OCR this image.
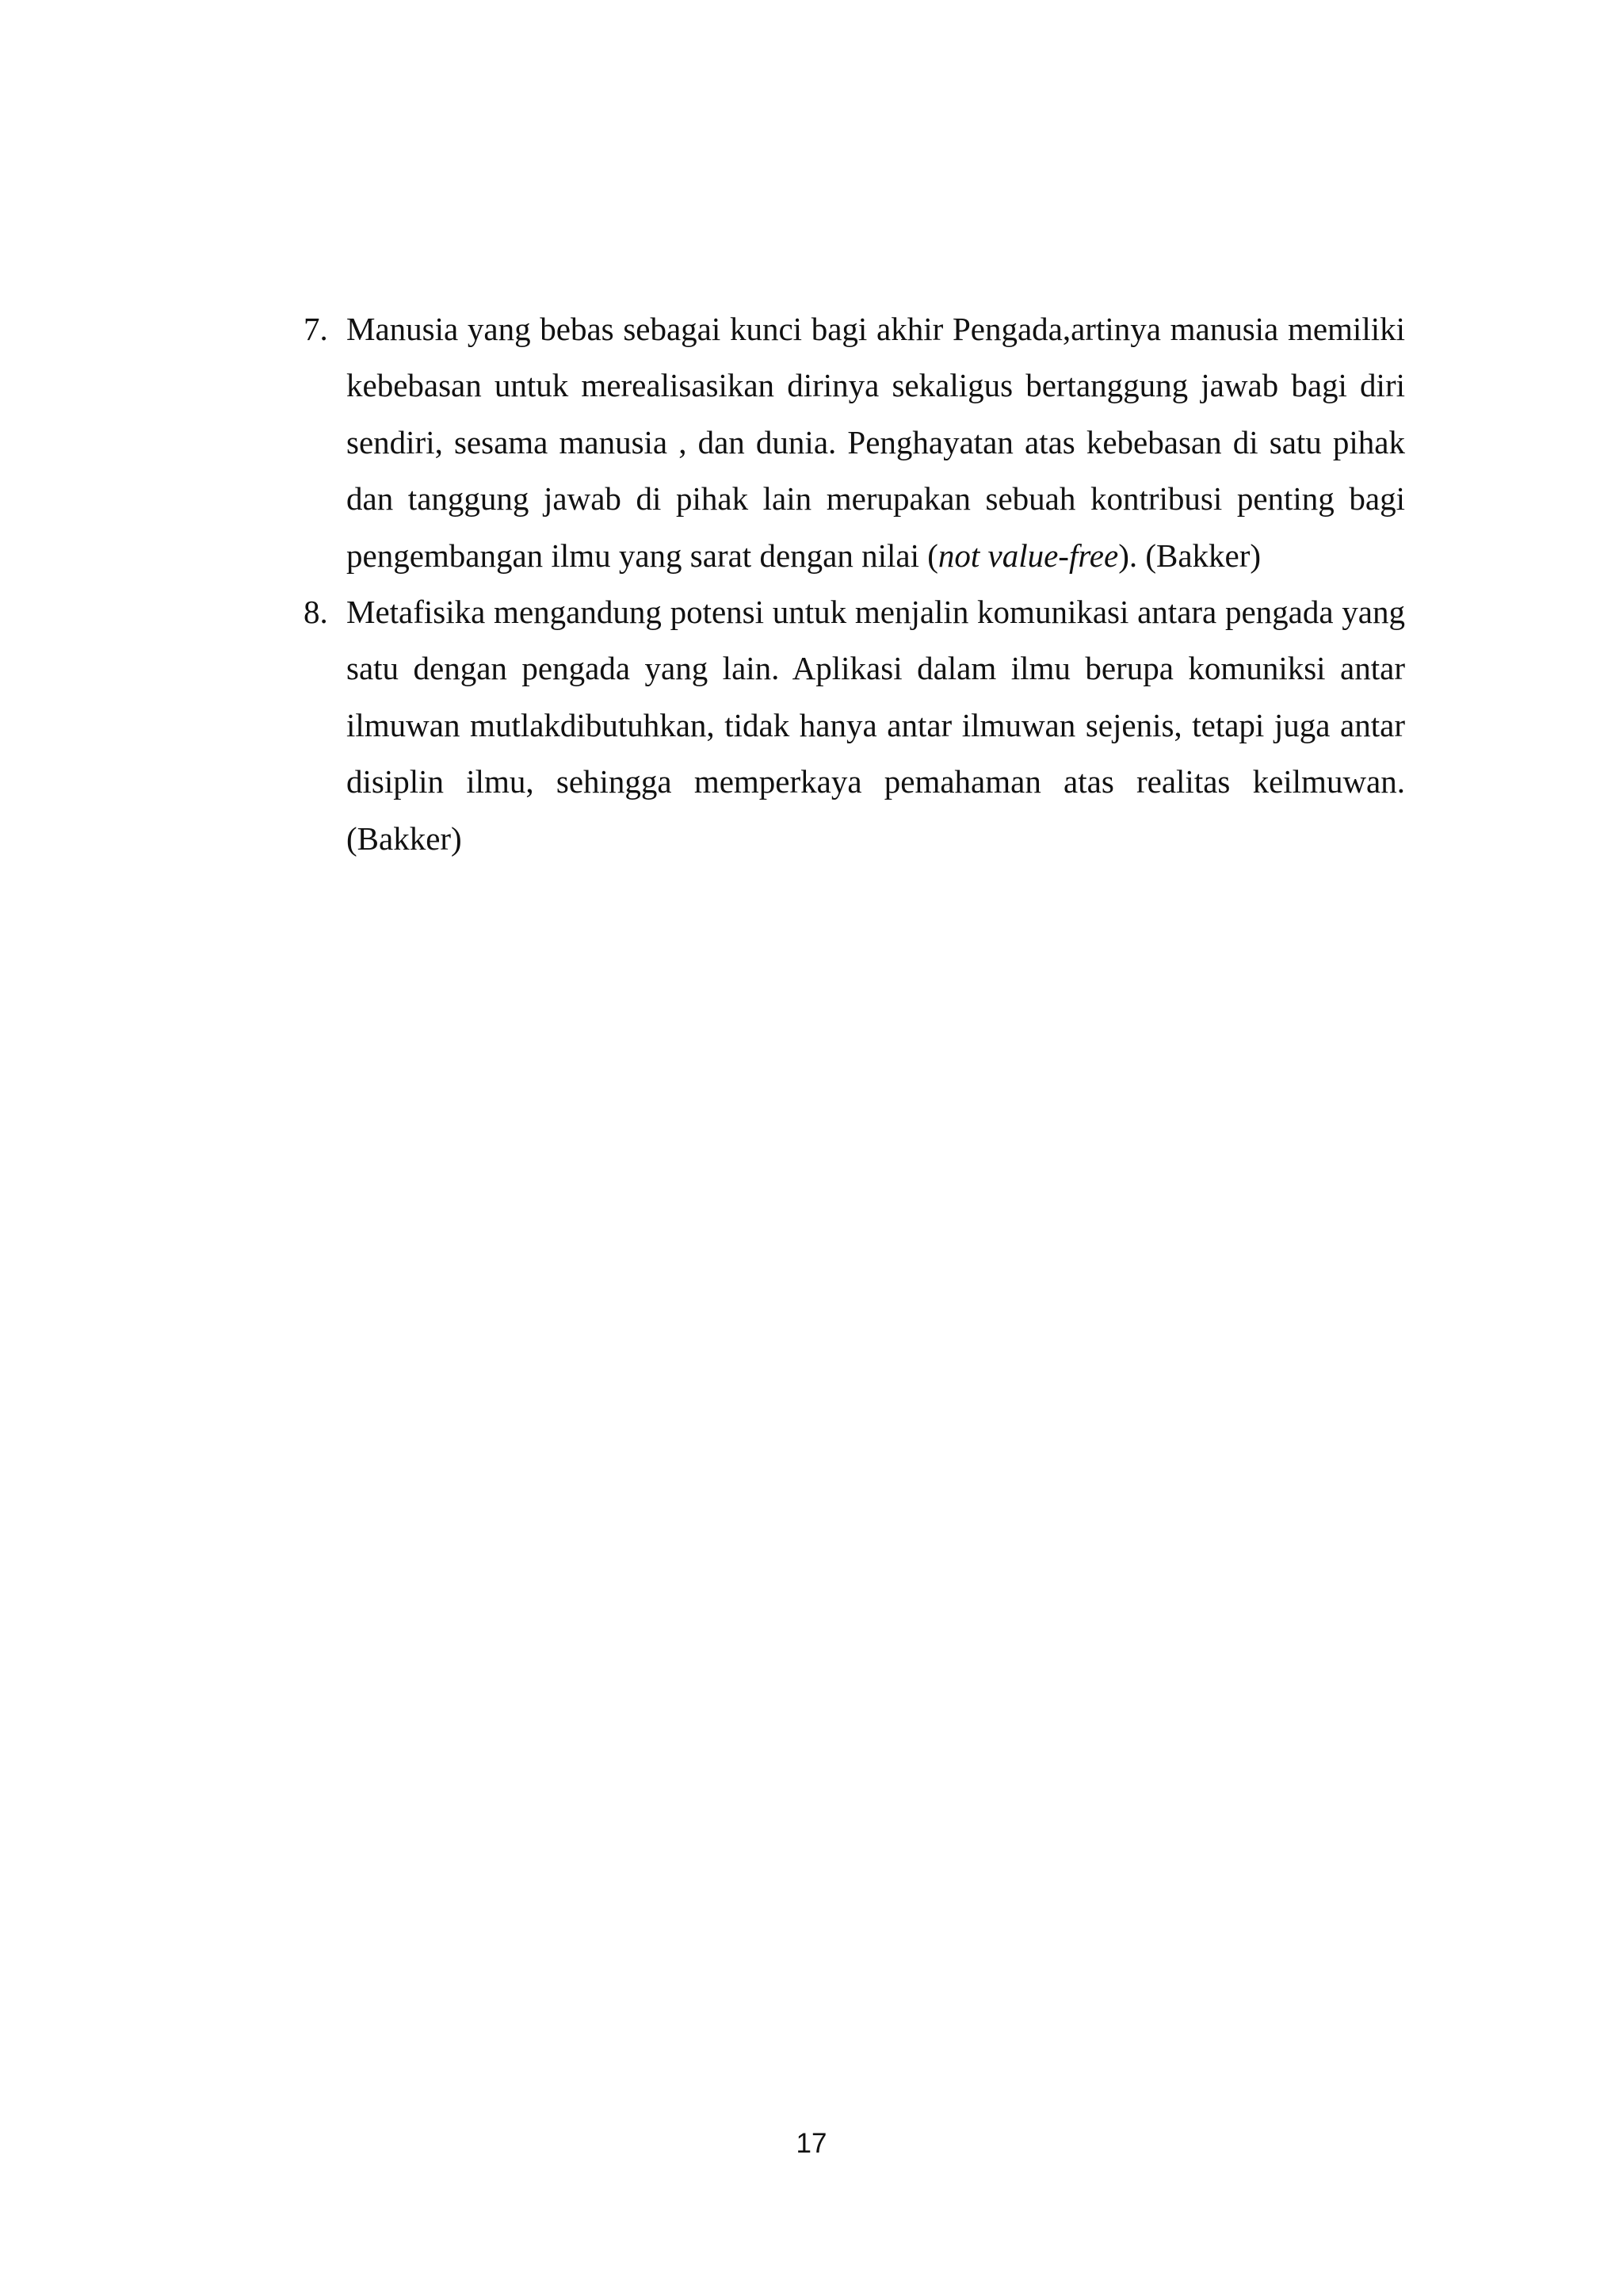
7. Manusia yang bebas sebagai kunci bagi akhir Pengada,artinya manusia memiliki kebebasan untuk merealisasikan dirinya sekaligus bertanggung jawab bagi diri sendiri, sesama manusia , dan dunia. Penghayatan atas kebebasan di satu pihak dan tanggung jawab di pihak lain merupakan sebuah kontribusi penting bagi pengembangan ilmu yang sarat dengan nilai (not value-free). (Bakker)
8. Metafisika mengandung potensi untuk menjalin komunikasi antara pengada yang satu dengan pengada yang lain. Aplikasi dalam ilmu berupa komuniksi antar ilmuwan mutlakdibutuhkan, tidak hanya antar ilmuwan sejenis, tetapi juga antar disiplin ilmu, sehingga memperkaya pemahaman atas realitas keilmuwan. (Bakker)
17
